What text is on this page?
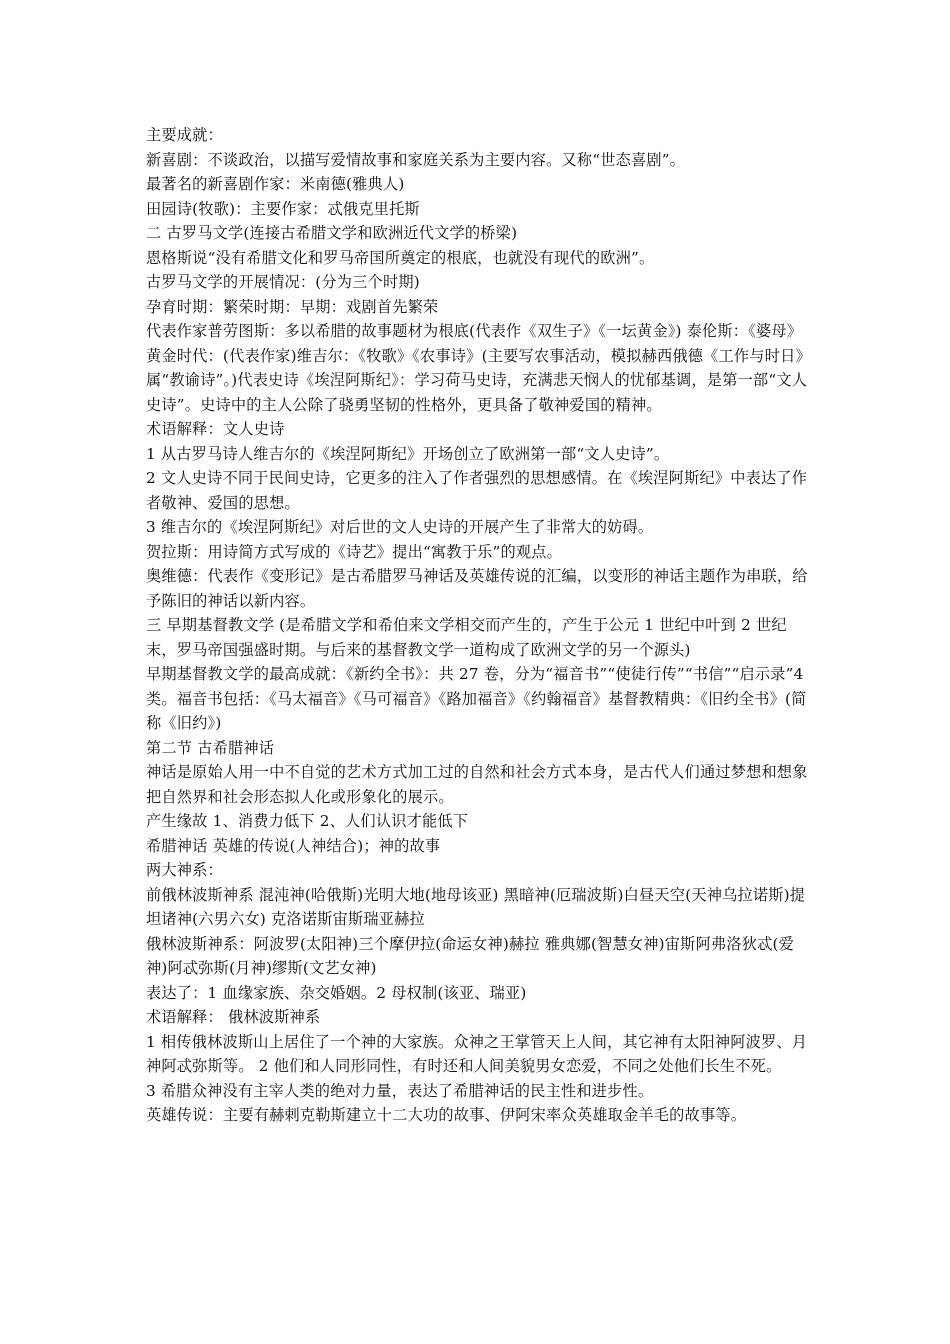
主要成就：

新喜剧：不谈政治，以描写爱情故事和家庭关系为主要内容。又称“世态喜剧”。

最著名的新喜剧作家：米南德(雅典人)

田园诗(牧歌)：主要作家：忒俄克里托斯

二 古罗马文学(连接古希腊文学和欧洲近代文学的桥梁)

恩格斯说“没有希腊文化和罗马帝国所奠定的根底，也就没有现代的欧洲”。

古罗马文学的开展情况：(分为三个时期)

孕育时期：繁荣时期：早期：戏剧首先繁荣

代表作家普劳图斯：多以希腊的故事题材为根底(代表作《双生子》《一坛黄金》) 泰伦斯：《婆母》

黄金时代：(代表作家)维吉尔：《牧歌》《农事诗》(主要写农事活动，模拟赫西俄德《工作与时日》属“教谕诗”。)代表史诗《埃涅阿斯纪》：学习荷马史诗，充满悲天悯人的忧郁基调，是第一部“文人史诗”。史诗中的主人公除了骁勇坚韧的性格外，更具备了敬神爱国的精神。

术语解释：文人史诗

1 从古罗马诗人维吉尔的《埃涅阿斯纪》开场创立了欧洲第一部“文人史诗”。

2 文人史诗不同于民间史诗，它更多的注入了作者强烈的思想感情。在《埃涅阿斯纪》中表达了作者敬神、爱国的思想。

3 维吉尔的《埃涅阿斯纪》对后世的文人史诗的开展产生了非常大的妨碍。

贺拉斯：用诗简方式写成的《诗艺》提出“寓教于乐”的观点。

奥维德：代表作《变形记》是古希腊罗马神话及英雄传说的汇编，以变形的神话主题作为串联，给予陈旧的神话以新内容。

三 早期基督教文学 (是希腊文学和希伯来文学相交而产生的，产生于公元 1 世纪中叶到 2 世纪末，罗马帝国强盛时期。与后来的基督教文学一道构成了欧洲文学的另一个源头)

早期基督教文学的最高成就：《新约全书》：共 27 卷，分为“福音书”“使徒行传”“书信”“启示录”4 类。福音书包括：《马太福音》《马可福音》《路加福音》《约翰福音》基督教精典：《旧约全书》(简称《旧约》)

第二节 古希腊神话

神话是原始人用一中不自觉的艺术方式加工过的自然和社会方式本身，是古代人们通过梦想和想象把自然界和社会形态拟人化或形象化的展示。

产生缘故 1、消费力低下 2、人们认识才能低下

希腊神话 英雄的传说(人神结合)；神的故事

两大神系：

前俄林波斯神系 混沌神(哈俄斯)光明大地(地母该亚) 黑暗神(厄瑞波斯)白昼天空(天神乌拉诺斯)提坦诸神(六男六女) 克洛诺斯宙斯瑞亚赫拉

俄林波斯神系：阿波罗(太阳神)三个摩伊拉(命运女神)赫拉 雅典娜(智慧女神)宙斯阿弗洛狄忒(爱神)阿忒弥斯(月神)缪斯(文艺女神)

表达了：1 血缘家族、杂交婚姻。2 母权制(该亚、瑞亚)

术语解释： 俄林波斯神系

1 相传俄林波斯山上居住了一个神的大家族。众神之王掌管天上人间，其它神有太阳神阿波罗、月神阿忒弥斯等。 2 他们和人同形同性，有时还和人间美貌男女恋爱，不同之处他们长生不死。

3 希腊众神没有主宰人类的绝对力量，表达了希腊神话的民主性和进步性。

英雄传说：主要有赫剌克勒斯建立十二大功的故事、伊阿宋率众英雄取金羊毛的故事等。
